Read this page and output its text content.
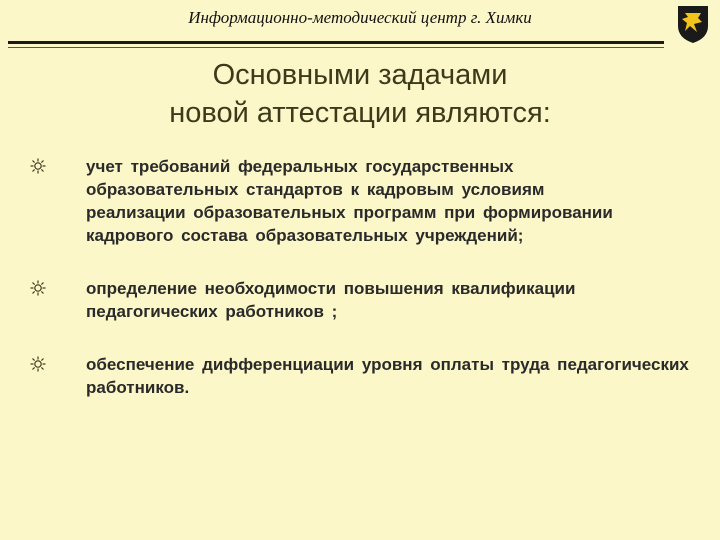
Информационно-методический центр г. Химки
Основными задачами
новой аттестации являются:
учет требований федеральных государственных образовательных стандартов к кадровым условиям реализации образовательных программ при формировании кадрового состава образовательных учреждений;
определение необходимости повышения квалификации педагогических работников ;
обеспечение дифференциации уровня оплаты труда педагогических работников.
